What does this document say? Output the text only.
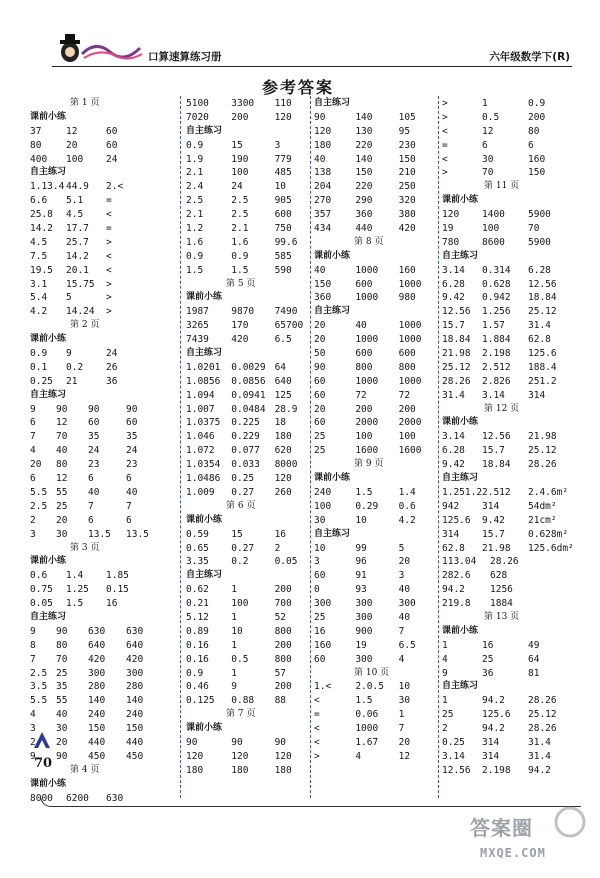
口算速算练习册	六年级数学下(R)
参考答案
第 1 页
课前小练
37	12	60
80	20	60
400	100	24
自主练习
1.13.4 44.9	2.<
6.6	5.1	=
25.8	4.5	<
14.2	17.7	=
4.5	25.7	>
7.5	14.2	<
19.5	20.1	<
3.1	15.75	>
5.4	5	>
4.2	14.24	>
第 2 页
课前小练
0.9	9	24
0.1	0.2	26
0.25	21	36
自主练习
9	90	90	90
6	12	60	60
7	70	35	35
4	40	24	24
20	80	23	23
6	12	6	6
5.5 55	40	40
2.5 25	7	7
2	20	6	6
3	30	13.5	13.5
第 3 页
课前小练
0.6	1.4	1.85
0.75	1.25	0.15
0.05	1.5	16
自主练习
9	90	630	630
8	80	640	640
7	70	420	420
2.5 25	300	300
3.5 35	280	280
5.5 55	140	140
4	40	240	240
3	30	150	150
2	20	440	440
9	90	450	450
第 4 页
课前小练
8000	6200	630
5100	3300	110
7020	200	120
自主练习
0.9	15	3
1.9	190	779
2.1	100	485
2.4	24	10
2.5	2.5	905
2.1	2.5	600
1.2	2.1	750
1.6	1.6	99.6
0.9	0.9	585
1.5	1.5	590
第 5 页
课前小练
1987	9870	7490
3265	170	65700
7439	420	6.5
自主练习
1.0201	0.0029 64
1.0856	0.0856 640
1.094	0.0941 125
1.007	0.0484 28.9
1.0375	0.225	18
1.046	0.229	180
1.072	0.077	620
1.0354	0.033	8000
1.0486	0.25	120
1.009	0.27	260
第 6 页
课前小练
0.59	15	16
0.65	0.27	2
3.35	0.2	0.05
自主练习
0.62	1	200
0.21	100	700
5.12	1	52
0.89	10	800
0.16	1	200
0.16	0.5	800
0.9	1	57
0.46	9	200
0.125	0.88	88
第 7 页
课前小练
90	90	90
120	120	120
180	180	180
自主练习
90	140	105
120	130	95
180	220	230
40	140	150
138	150	210
204	220	250
270	290	320
357	360	380
434	440	420
第 8 页
课前小练
40	1000	160
150	600	1000
360	1000	980
自主练习
20	40	1000
20	1000	1000
50	600	600
90	800	800
60	1000	1000
60	72	72
20	200	200
60	2000	2000
25	100	100
25	1600	1600
第 9 页
课前小练
240	1.5	1.4
100	0.29	0.6
30	10	4.2
自主练习
10	99	5
3	96	20
60	91	3
0	93	40
300	300	300
25	300	40
16	900	7
160	19	6.5
60	300	4
第 10 页
1.<	2.0.5	10
<	1.5	30
=	0.06	1
<	1000	7
<	1.67	20
>	4	12
>	1	0.9
>	0.5	200
<	12	80
=	6	6
<	30	160
>	70	150
第 11 页
课前小练
120	1400	5900
19	100	70
780	8600	5900
自主练习
3.14	0.314	6.28
6.28	0.628	12.56
9.42	0.942	18.84
12.56	1.256	25.12
15.7	1.57	31.4
18.84	1.884	62.8
21.98	2.198	125.6
25.12	2.512	188.4
28.26	2.826	251.2
31.4	3.14	314
第 12 页
课前小练
3.14	12.56	21.98
6.28	15.7	25.12
9.42	18.84	28.26
自主练习
1.251.2 2.512	2.4.6m²
942	314	54dm²
125.6	9.42	21cm²
314	15.7	0.628m²
62.8	21.98	125.6dm²
113.04	28.26
282.6	628
94.2	1256
219.8	1884
第 13 页
课前小练
1	16	49
4	25	64
9	36	81
自主练习
1	94.2	28.26
25	125.6	25.12
2	94.2	28.26
0.25	314	31.4
3.14	314	31.4
12.56	2.198	94.2
70
答案圈
MXQE.COM
